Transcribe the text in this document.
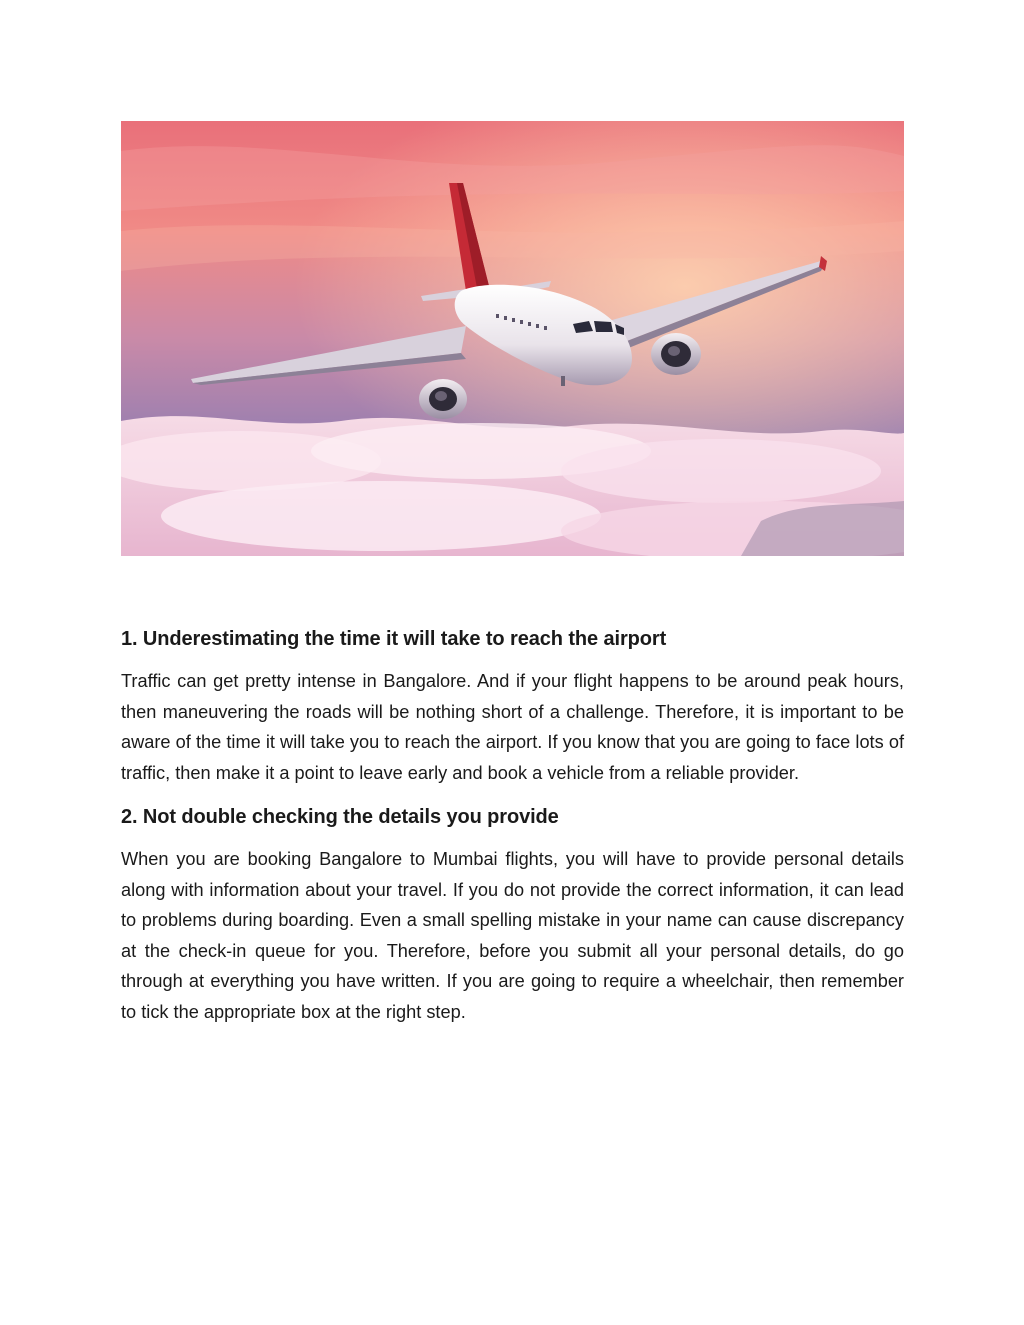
1. Underestimating the time it will take to reach the airport

Traffic can get pretty intense in Bangalore. And if your flight happens to be around peak hours, then maneuvering the roads will be nothing short of a challenge. Therefore, it is important to be aware of the time it will take you to reach the airport. If you know that you are going to face lots of traffic, then make it a point to leave early and book a vehicle from a reliable provider.

2. Not double checking the details you provide

When you are booking Bangalore to Mumbai flights, you will have to provide personal details along with information about your travel. If you do not provide the correct information, it can lead to problems during boarding. Even a small spelling mistake in your name can cause discrepancy at the check-in queue for you. Therefore, before you submit all your personal details, do go through at everything you have written. If you are going to require a wheelchair, then remember to tick the appropriate box at the right step.
